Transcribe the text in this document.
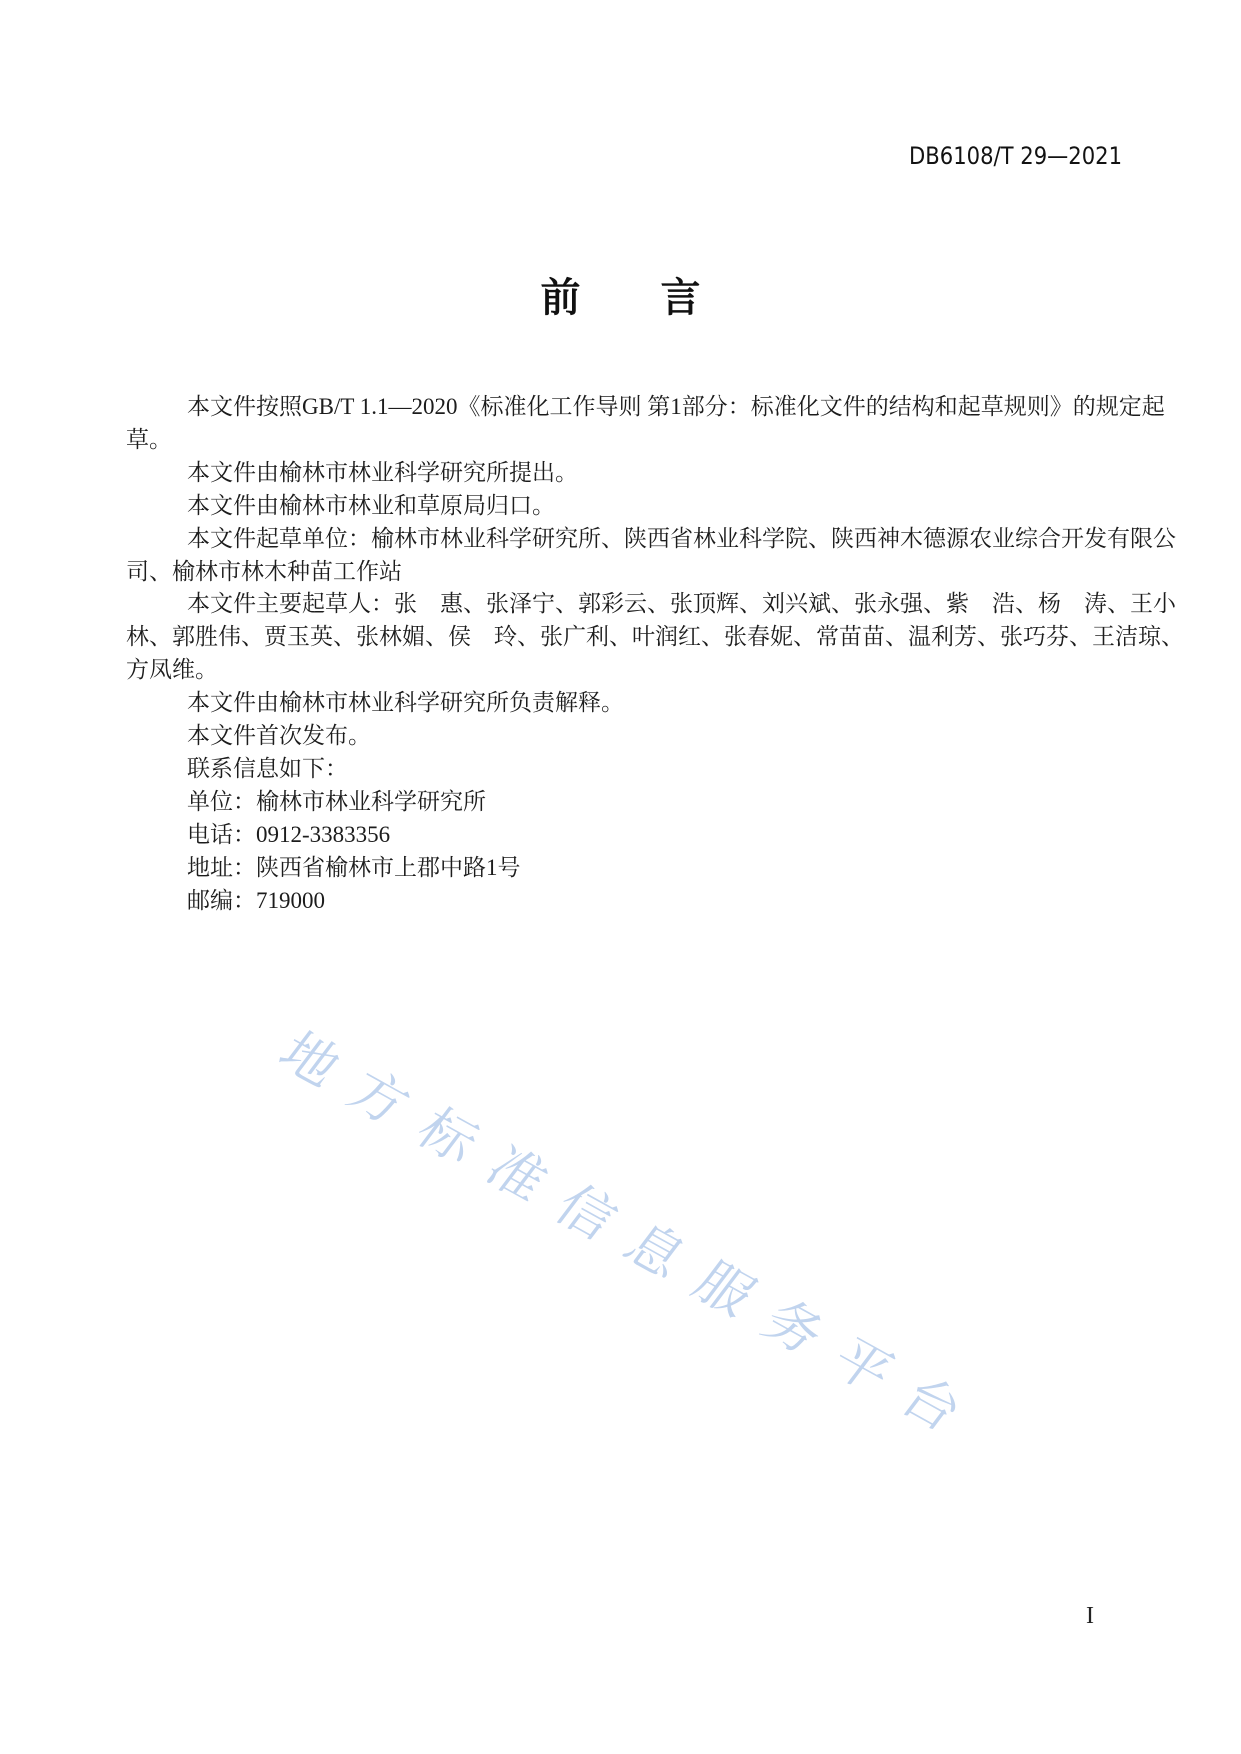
DB6108/T 29—2021
前　　言
地方标准信息服务平台
本文件按照GB/T 1.1—2020《标准化工作导则 第1部分：标准化文件的结构和起草规则》的规定起
草。
本文件由榆林市林业科学研究所提出。
本文件由榆林市林业和草原局归口。
本文件起草单位：榆林市林业科学研究所、陕西省林业科学院、陕西神木德源农业综合开发有限公
司、榆林市林木种苗工作站
本文件主要起草人：张　惠、张泽宁、郭彩云、张顶辉、刘兴斌、张永强、紫　浩、杨　涛、王小
林、郭胜伟、贾玉英、张林媚、侯　玲、张广利、叶润红、张春妮、常苗苗、温利芳、张巧芬、王洁琼、
方凤维。
本文件由榆林市林业科学研究所负责解释。
本文件首次发布。
联系信息如下：
单位：榆林市林业科学研究所
电话：0912-3383356
地址：陕西省榆林市上郡中路1号
邮编：719000
I
